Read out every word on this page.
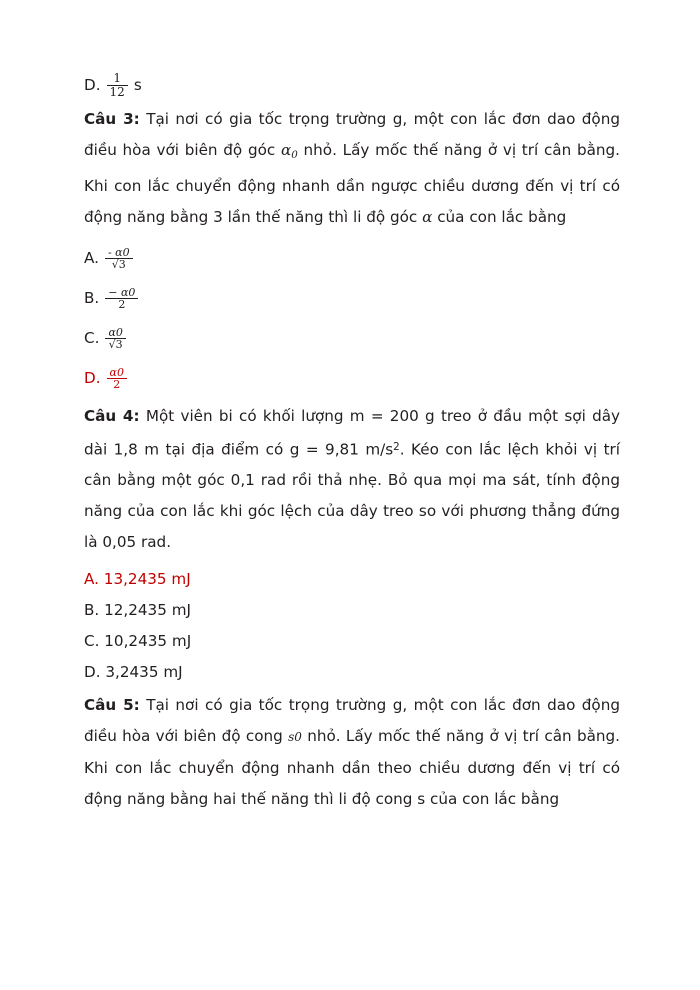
D. $\frac{1}{12}$ s

Câu 3: Tại nơi có gia tốc trọng trường g, một con lắc đơn dao động điều hòa với biên độ góc $\alpha_0$ nhỏ. Lấy mốc thế năng ở vị trí cân bằng. Khi con lắc chuyển động nhanh dần ngược chiều dương đến vị trí có động năng bằng 3 lần thế năng thì li độ góc α của con lắc bằng

A. $\frac{- \alpha 0}{√3}$
B. $\frac{- \alpha 0}{2}$
C. $\frac{\alpha 0}{√3}$
D. $\frac{\alpha 0}{2}$

Câu 4: Một viên bi có khối lượng m = 200 g treo ở đầu một sợi dây dài 1,8 m tại địa điểm có g = 9,81 $m/s^2$. Kéo con lắc lệch khỏi vị trí cân bằng một góc 0,1 rad rồi thả nhẹ. Bỏ qua mọi ma sát, tính động năng của con lắc khi góc lệch của dây treo so với phương thẳng đứng là 0,05 rad.

A. 13,2435 mJ

B. 12,2435 mJ

C. 10,2435 mJ

D. 3,2435 mJ

Câu 5: Tại nơi có gia tốc trọng trường g, một con lắc đơn dao động điều hòa với biên độ cong s0 nhỏ. Lấy mốc thế năng ở vị trí cân bằng. Khi con lắc chuyển động nhanh dần theo chiều dương đến vị trí có động năng bằng hai thế năng thì li độ cong s của con lắc bằng
